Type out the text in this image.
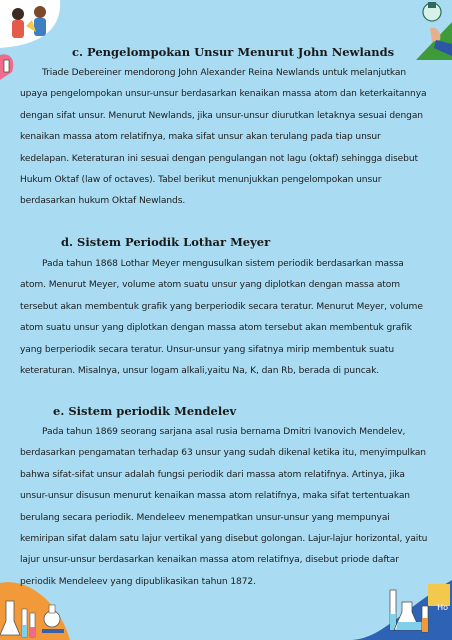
Ho
c. Pengelompokan Unsur Menurut John Newlands
Triade Debereiner mendorong John Alexander Reina Newlands untuk melanjutkan upaya pengelompokan unsur-unsur berdasarkan kenaikan massa atom dan keterkaitannya dengan sifat unsur. Menurut Newlands, jika unsur-unsur diurutkan letaknya sesuai dengan kenaikan massa atom relatifnya, maka sifat unsur akan terulang pada tiap unsur kedelapan. Keteraturan ini sesuai dengan pengulangan not lagu (oktaf) sehingga disebut Hukum Oktaf (law of octaves). Tabel berikut menunjukkan pengelompokan unsur berdasarkan hukum Oktaf Newlands.
d. Sistem Periodik Lothar Meyer
Pada tahun 1868 Lothar Meyer mengusulkan sistem periodik berdasarkan massa atom. Menurut Meyer, volume atom suatu unsur yang diplotkan dengan massa atom tersebut akan membentuk grafik yang berperiodik secara teratur. Menurut Meyer, volume atom suatu unsur yang diplotkan dengan massa atom tersebut akan membentuk grafik yang berperiodik secara teratur. Unsur-unsur yang sifatnya mirip membentuk suatu keteraturan. Misalnya, unsur logam alkali,yaitu Na, K, dan Rb, berada di puncak.
e. Sistem periodik Mendelev
Pada tahun 1869 seorang sarjana asal rusia bernama Dmitri Ivanovich Mendelev, berdasarkan pengamatan terhadap 63 unsur yang sudah dikenal ketika itu, menyimpulkan bahwa sifat-sifat unsur adalah fungsi periodik dari massa atom relatifnya. Artinya, jika unsur-unsur disusun menurut kenaikan massa atom relatifnya, maka sifat tertentuakan berulang secara periodik. Mendeleev menempatkan unsur-unsur yang mempunyai kemiripan sifat dalam satu lajur vertikal yang disebut golongan. Lajur-lajur horizontal, yaitu lajur unsur-unsur berdasarkan kenaikan massa atom relatifnya, disebut priode daftar periodik Mendeleev yang dipublikasikan tahun 1872.
